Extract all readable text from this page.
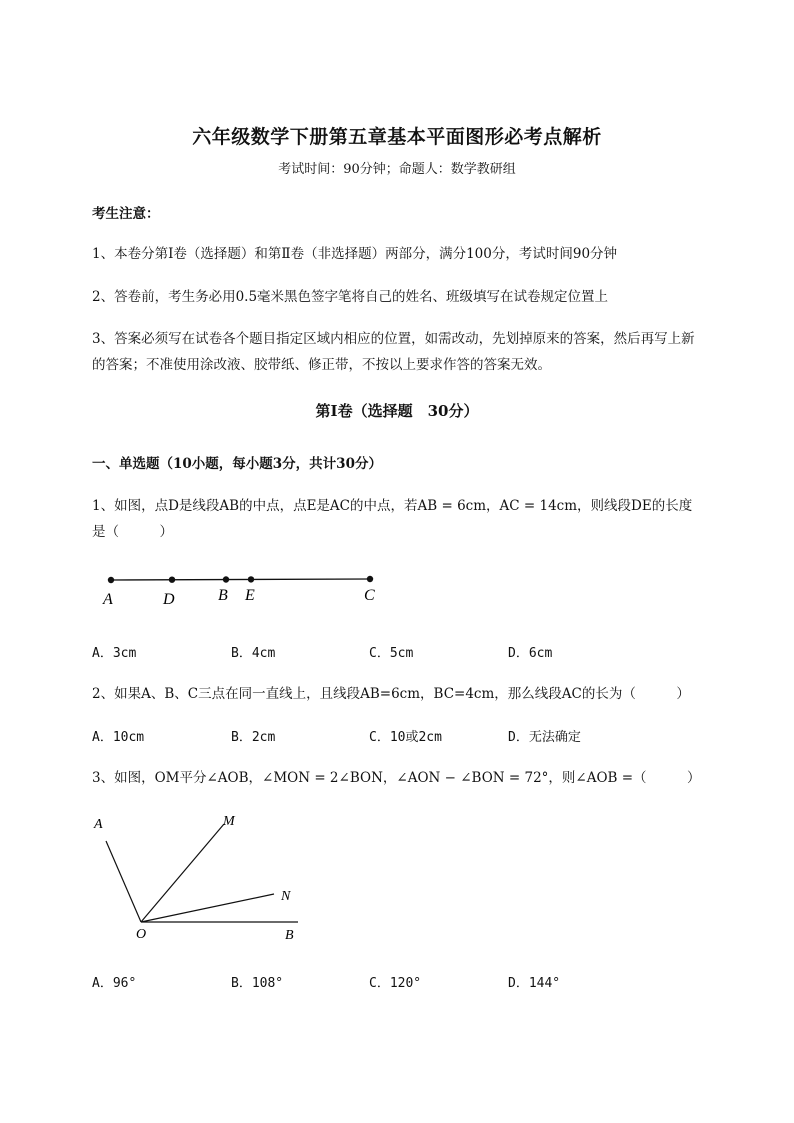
六年级数学下册第五章基本平面图形必考点解析
考试时间：90分钟；命题人：数学教研组
考生注意：
1、本卷分第Ⅰ卷（选择题）和第Ⅱ卷（非选择题）两部分，满分100分，考试时间90分钟
2、答卷前，考生务必用0.5毫米黑色签字笔将自己的姓名、班级填写在试卷规定位置上
3、答案必须写在试卷各个题目指定区域内相应的位置，如需改动，先划掉原来的答案，然后再写上新
的答案；不准使用涂改液、胶带纸、修正带，不按以上要求作答的答案无效。
第Ⅰ卷（选择题　30分）
一、单选题（10小题，每小题3分，共计30分）
1、如图，点D是线段AB的中点，点E是AC的中点，若AB = 6cm，AC = 14cm，则线段DE的长度
是（　　　）
A	D	B E	C
A．3cm	B．4cm	C．5cm	D．6cm
2、如果A、B、C三点在同一直线上，且线段AB=6cm，BC=4cm，那么线段AC的长为（　　　）
A．10cm	B．2cm	C．10或2cm	D．无法确定
3、如图，OM平分∠AOB，∠MON = 2∠BON，∠AON − ∠BON = 72°，则∠AOB =（　　　）
A	M
N
O	B
A．96°	B．108°	C．120°	D．144°
